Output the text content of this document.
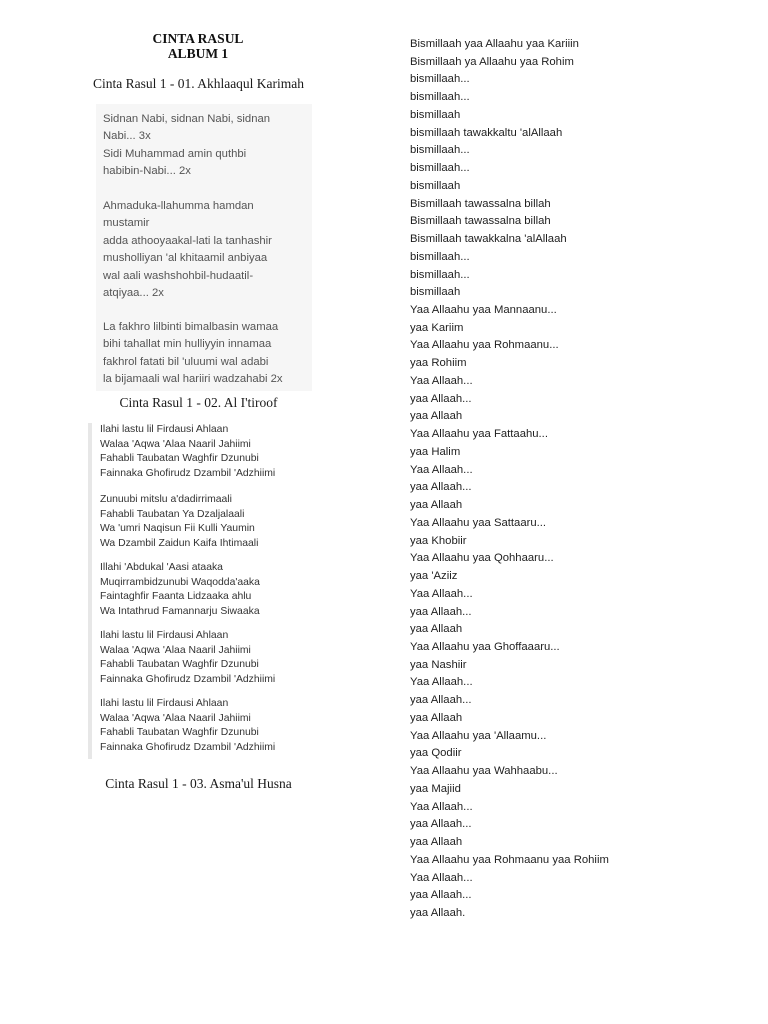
CINTA RASUL
ALBUM 1
Cinta Rasul 1 - 01. Akhlaaqul Karimah
Sidnan Nabi, sidnan Nabi, sidnan
Nabi... 3x
Sidi Muhammad amin quthbi
habibin-Nabi... 2x
Ahmaduka-llahumma hamdan
mustamir
adda athooyaakal-lati la tanhashir
musholliyan 'al khitaamil anbiyaa
wal aali washshohbil-hudaatil-
atqiyaa... 2x
La fakhro lilbinti bimalbasin wamaa
bihi tahallat min hulliyyin innamaa
fakhrol fatati bil 'uluumi wal adabi
la bijamaali wal hariiri wadzahabi 2x
Cinta Rasul 1 - 02. Al I'tiroof
Ilahi lastu lil Firdausi Ahlaan
Walaa 'Aqwa 'Alaa Naaril Jahiimi
Fahabli Taubatan Waghfir Dzunubi
Fainnaka Ghofirudz Dzambil 'Adzhiimi
Zunuubi mitslu a'dadirrimaali
Fahabli Taubatan Ya Dzaljalaali
Wa 'umri Naqisun Fii Kulli Yaumin
Wa Dzambil Zaidun Kaifa Ihtimaali
Illahi 'Abdukal 'Aasi ataaka
Muqirrambidzunubi Waqodda'aaka
Faintaghfir Faanta Lidzaaka ahlu
Wa Intathrud Famannarju Siwaaka
Ilahi lastu lil Firdausi Ahlaan
Walaa 'Aqwa 'Alaa Naaril Jahiimi
Fahabli Taubatan Waghfir Dzunubi
Fainnaka Ghofirudz Dzambil 'Adzhiimi
Ilahi lastu lil Firdausi Ahlaan
Walaa 'Aqwa 'Alaa Naaril Jahiimi
Fahabli Taubatan Waghfir Dzunubi
Fainnaka Ghofirudz Dzambil 'Adzhiimi
Cinta Rasul 1 - 03. Asma'ul Husna
Bismillaah yaa Allaahu yaa Kariiin
Bismillaah ya Allaahu yaa Rohim
bismillaah...
bismillaah...
bismillaah
bismillaah tawakkaltu 'alAllaah
bismillaah...
bismillaah...
bismillaah
Bismillaah tawassalna billah
Bismillaah tawassalna billah
Bismillaah tawakkalna 'alAllaah
bismillaah...
bismillaah...
bismillaah
Yaa Allaahu yaa Mannaanu...
yaa Kariim
Yaa Allaahu yaa Rohmaanu...
yaa Rohiim
Yaa Allaah...
yaa Allaah...
yaa Allaah
Yaa Allaahu yaa Fattaahu...
yaa Halim
Yaa Allaah...
yaa Allaah...
yaa Allaah
Yaa Allaahu yaa Sattaaru...
yaa Khobiir
Yaa Allaahu yaa Qohhaaru...
yaa 'Aziiz
Yaa Allaah...
yaa Allaah...
yaa Allaah
Yaa Allaahu yaa Ghoffaaaru...
yaa Nashiir
Yaa Allaah...
yaa Allaah...
yaa Allaah
Yaa Allaahu yaa 'Allaamu...
yaa Qodiir
Yaa Allaahu yaa Wahhaabu...
yaa Majiid
Yaa Allaah...
yaa Allaah...
yaa Allaah
Yaa Allaahu yaa Rohmaanu yaa Rohiim
Yaa Allaah...
yaa Allaah...
yaa Allaah.
